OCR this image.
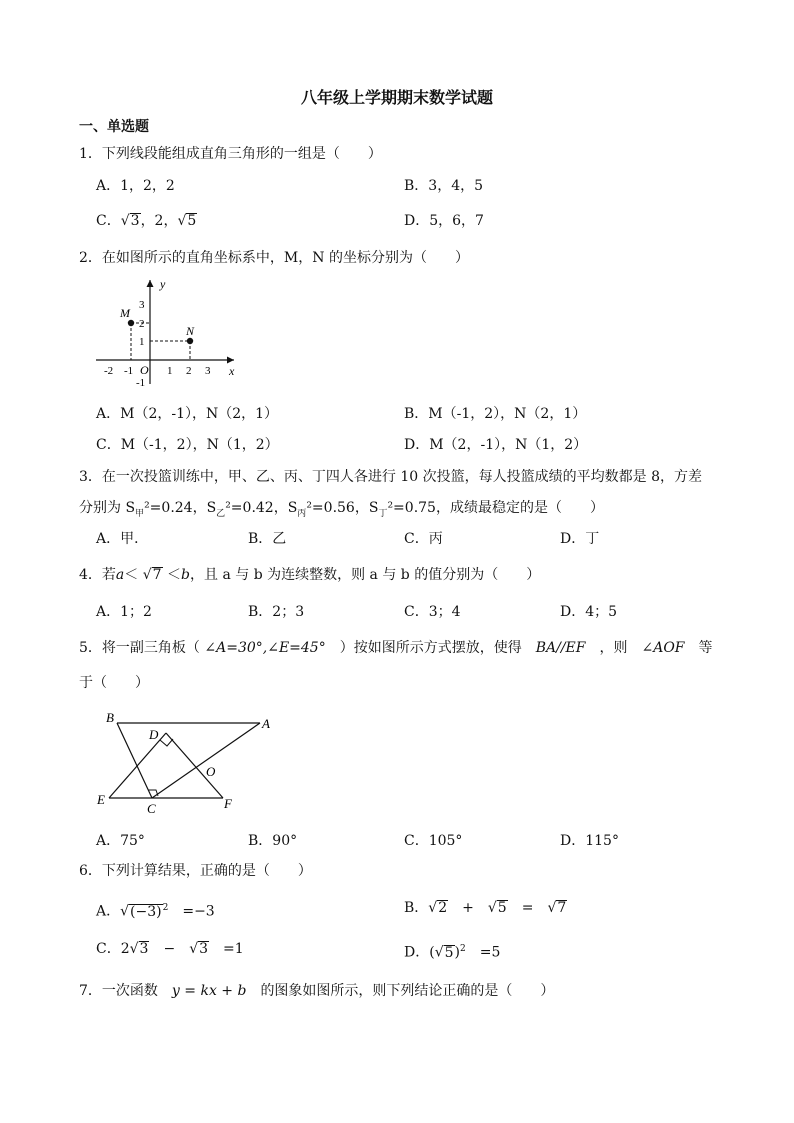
八年级上学期期末数学试题
一、单选题
1．下列线段能组成直角三角形的一组是（　　）
A．1，2，2	B．3，4，5
C．√3，2，√5	D．5，6，7
2．在如图所示的直角坐标系中，M，N 的坐标分别为（　　）
y
x
O
M
N
-2 -1	1 2 3
3
2
1
-1
A．M（2，-1），N（2，1）	B．M（-1，2），N（2，1）
C．M（-1，2），N（1，2）	D．M（2，-1），N（1，2）
3．在一次投篮训练中，甲、乙、丙、丁四人各进行 10 次投篮，每人投篮成绩的平均数都是 8，方差
分别为 $S_甲^2=0.24$，$S_乙^2=0.42$，$S_丙^2=0.56$，$S_丁^2=0.75$，成绩最稳定的是（　　）
A．甲．	B．乙	C．丙	D．丁
4．若a＜ √7 ＜b，且 a 与 b 为连续整数，则 a 与 b 的值分别为（　　）
A．1；2	B．2；3	C．3；4	D．4；5
5．将一副三角板（ ∠A=30°,∠E=45°　 ）按如图所示方式摆放，使得　 BA//EF　 ，则　 ∠AOF　 等
于（　　）
B	A
D
O
E
C	F
A．75°	B．90°	C．105°	D．115°
6．下列计算结果，正确的是（　　）
A．$√(-3)^2$　 =−3	B．√2　 +　√5　 =　√7
C．2√3　 −　√3　 =1	D．$(√5)^2$　 =5
7．一次函数　 y = kx + b　 的图象如图所示，则下列结论正确的是（　　）
